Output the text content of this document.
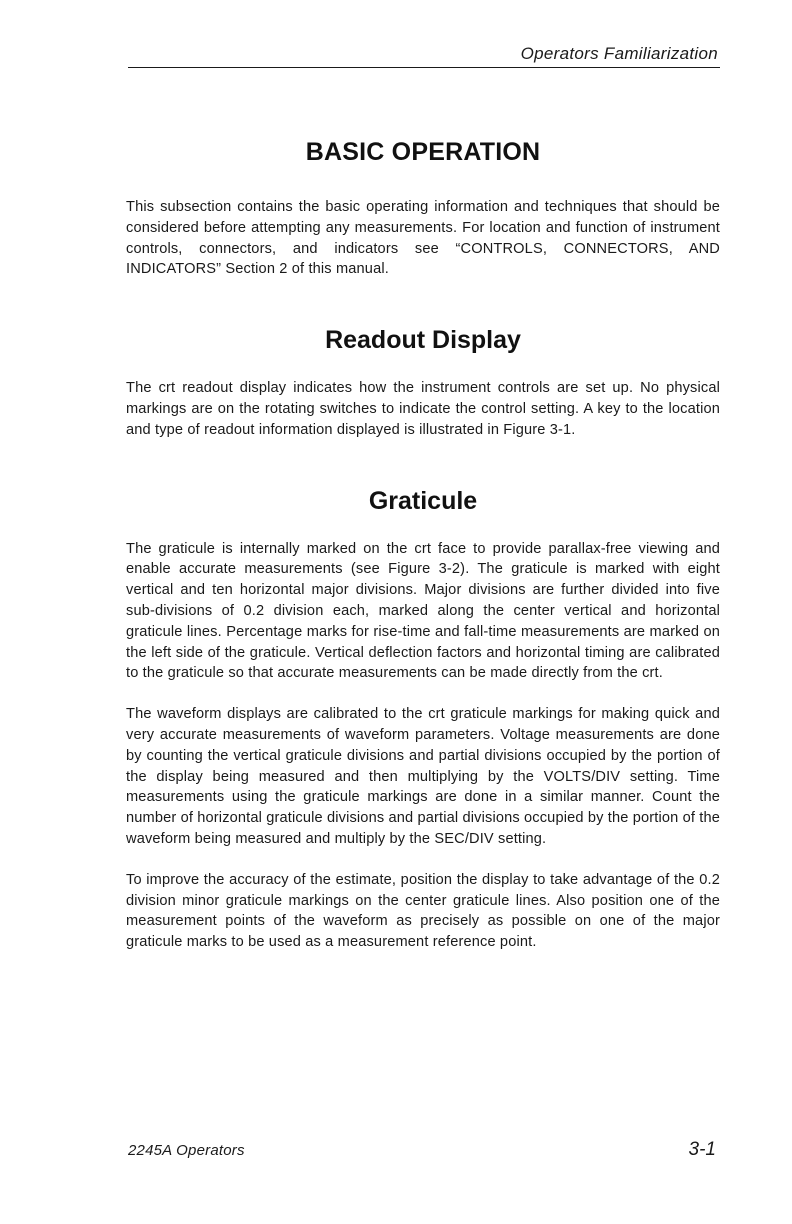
Operators Familiarization
BASIC OPERATION

This subsection contains the basic operating information and techniques that should be considered before attempting any measurements. For location and function of instrument controls, connectors, and indicators see “CONTROLS, CONNECTORS, AND INDICATORS” Section 2 of this manual.

Readout Display

The crt readout display indicates how the instrument controls are set up. No physical markings are on the rotating switches to indicate the control setting. A key to the location and type of readout information displayed is illustrated in Figure 3-1.

Graticule

The graticule is internally marked on the crt face to provide parallax-free viewing and enable accurate measurements (see Figure 3-2). The graticule is marked with eight vertical and ten horizontal major divisions. Major divisions are further divided into five sub-divisions of 0.2 division each, marked along the center vertical and horizontal graticule lines. Percentage marks for rise-time and fall-time measurements are marked on the left side of the graticule. Vertical deflection factors and horizontal timing are calibrated to the graticule so that accurate measurements can be made directly from the crt.

The waveform displays are calibrated to the crt graticule markings for making quick and very accurate measurements of waveform parameters. Voltage measurements are done by counting the vertical graticule divisions and partial divisions occupied by the portion of the display being measured and then multiplying by the VOLTS/DIV setting. Time measurements using the graticule markings are done in a similar manner. Count the number of horizontal graticule divisions and partial divisions occupied by the portion of the waveform being measured and multiply by the SEC/DIV setting.

To improve the accuracy of the estimate, position the display to take advantage of the 0.2 division minor graticule markings on the center graticule lines. Also position one of the measurement points of the waveform as precisely as possible on one of the major graticule marks to be used as a measurement reference point.

2245A Operators	3-1
